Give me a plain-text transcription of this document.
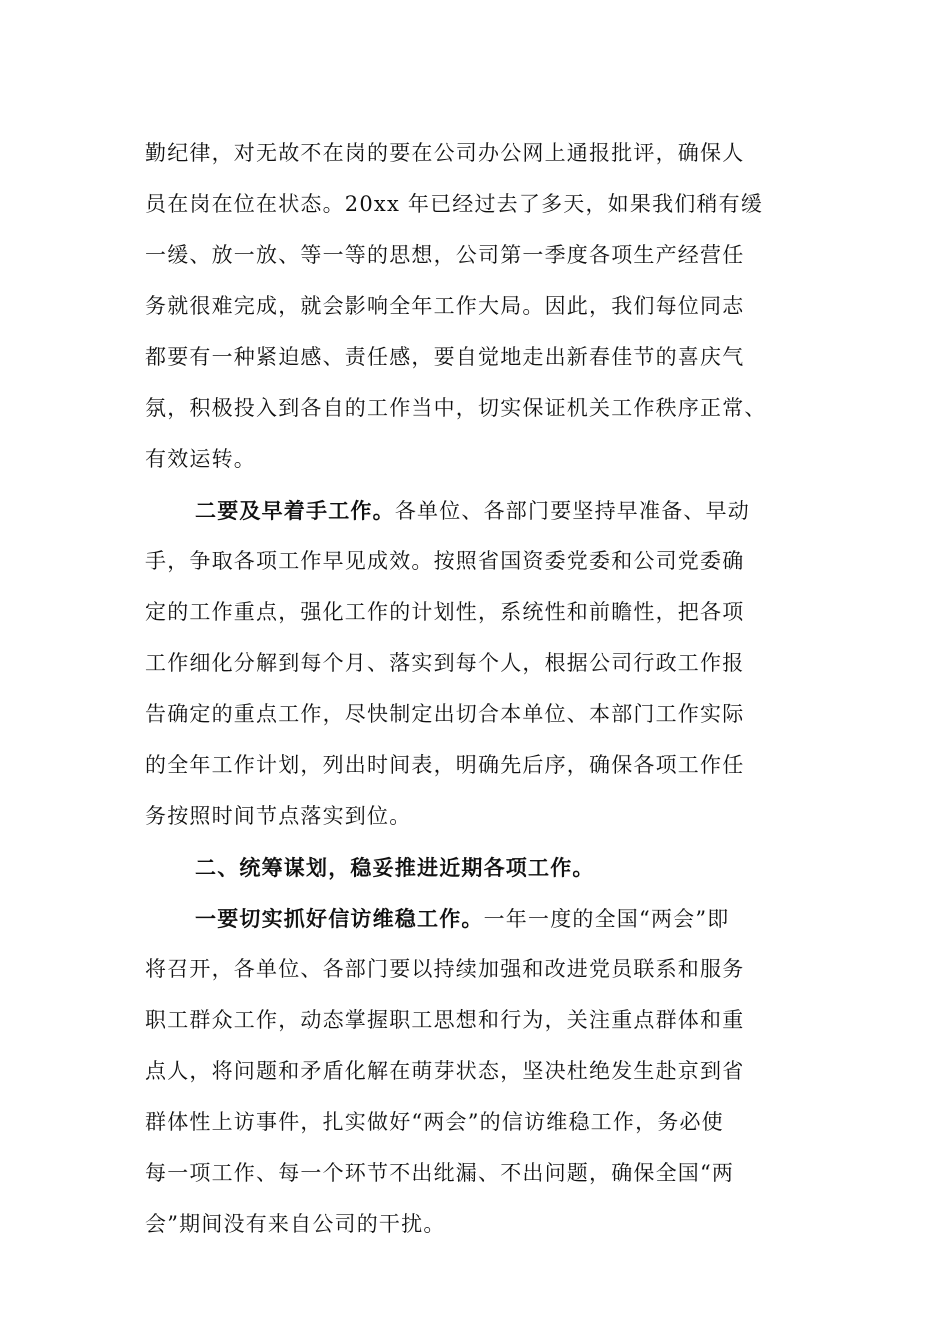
勤纪律，对无故不在岗的要在公司办公网上通报批评，确保人
员在岗在位在状态。20xx 年已经过去了多天，如果我们稍有缓
一缓、放一放、等一等的思想，公司第一季度各项生产经营任
务就很难完成，就会影响全年工作大局。因此，我们每位同志
都要有一种紧迫感、责任感，要自觉地走出新春佳节的喜庆气
氛，积极投入到各自的工作当中，切实保证机关工作秩序正常、
有效运转。
二要及早着手工作。各单位、各部门要坚持早准备、早动
手，争取各项工作早见成效。按照省国资委党委和公司党委确
定的工作重点，强化工作的计划性，系统性和前瞻性，把各项
工作细化分解到每个月、落实到每个人，根据公司行政工作报
告确定的重点工作，尽快制定出切合本单位、本部门工作实际
的全年工作计划，列出时间表，明确先后序，确保各项工作任
务按照时间节点落实到位。
二、统筹谋划，稳妥推进近期各项工作。
一要切实抓好信访维稳工作。一年一度的全国“两会”即
将召开，各单位、各部门要以持续加强和改进党员联系和服务
职工群众工作，动态掌握职工思想和行为，关注重点群体和重
点人，将问题和矛盾化解在萌芽状态，坚决杜绝发生赴京到省
群体性上访事件，扎实做好“两会”的信访维稳工作，务必使
每一项工作、每一个环节不出纰漏、不出问题，确保全国“两
会”期间没有来自公司的干扰。
